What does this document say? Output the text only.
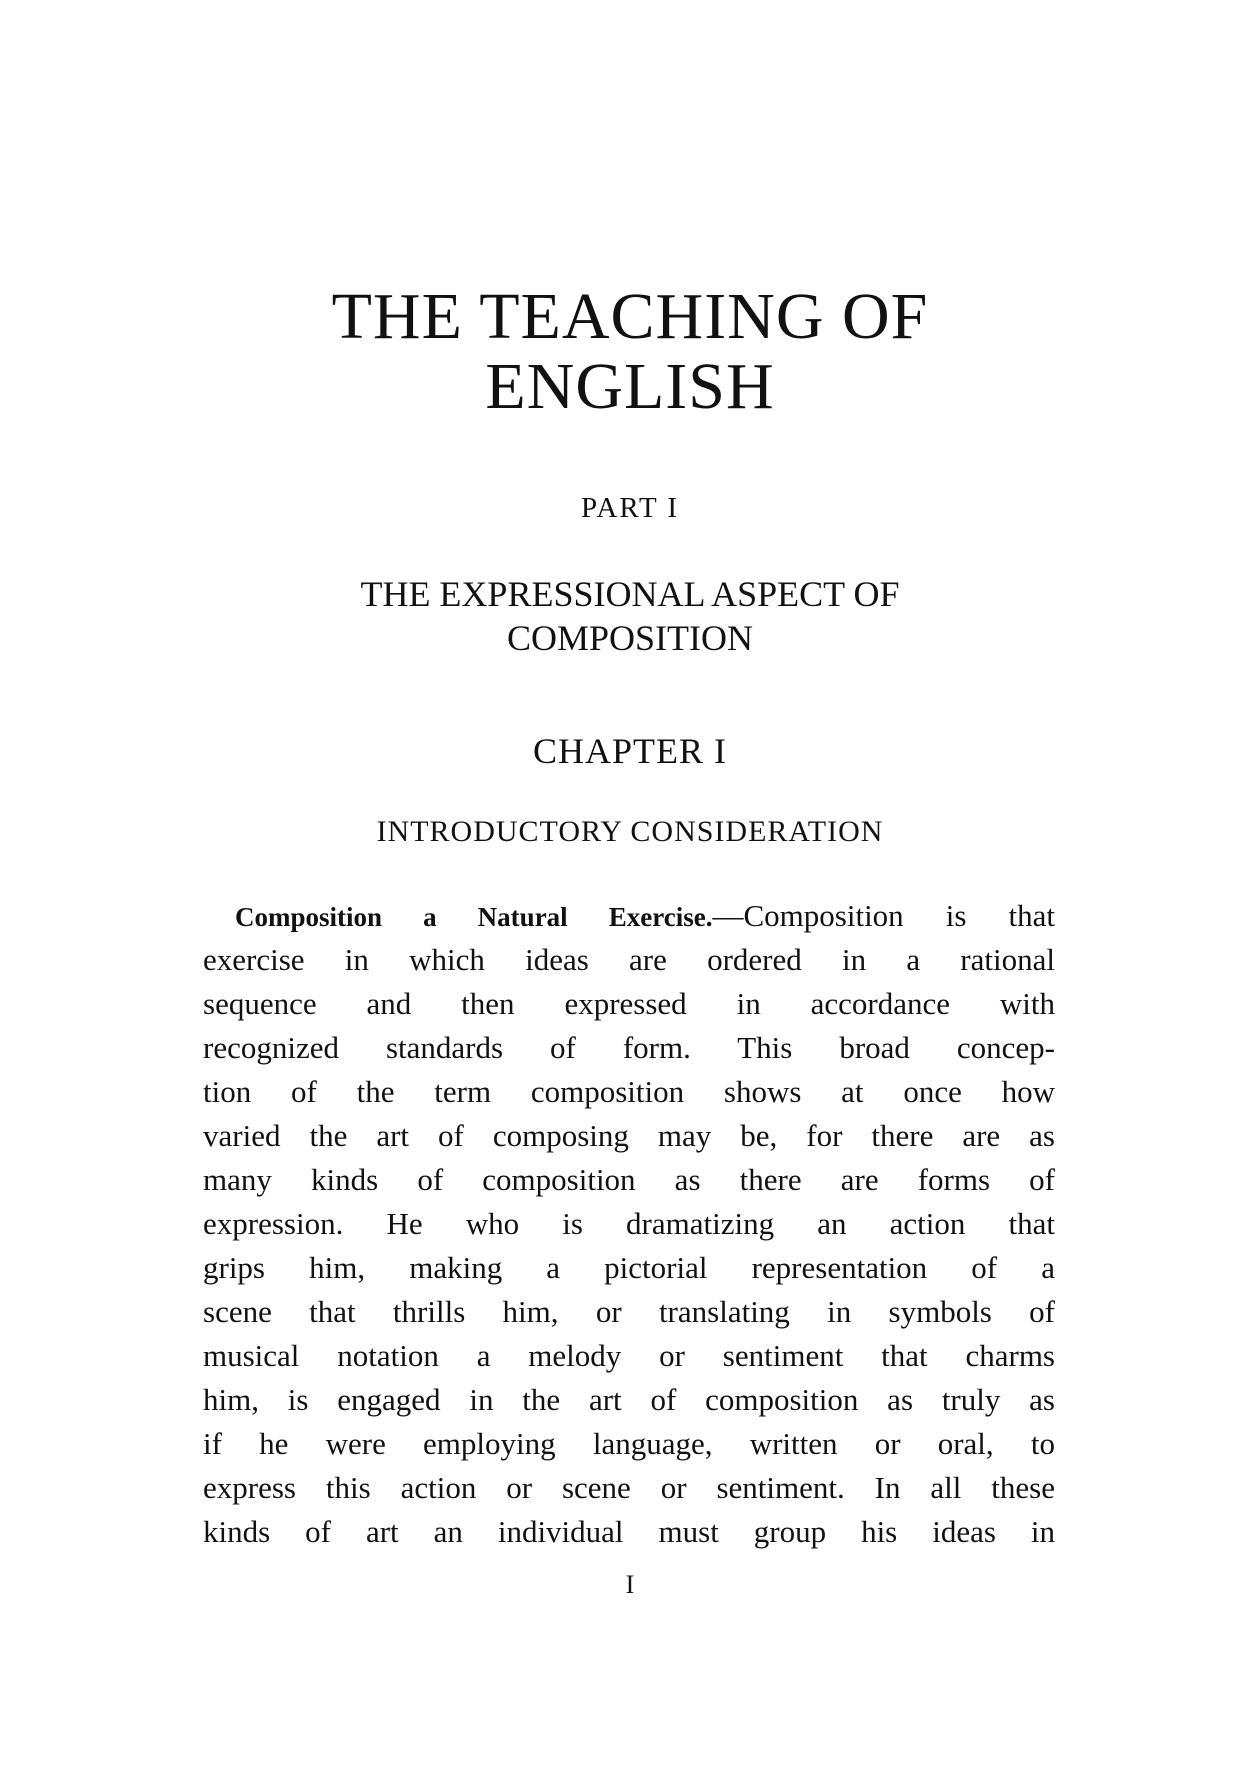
THE TEACHING OF
ENGLISH

PART I

THE EXPRESSIONAL ASPECT OF
COMPOSITION
CHAPTER I
INTRODUCTORY CONSIDERATION
Composition a Natural Exercise.—Composition is that
exercise in which ideas are ordered in a rational
sequence and then expressed in accordance with
recognized standards of form. This broad concep-
tion of the term composition shows at once how
varied the art of composing may be, for there are as
many kinds of composition as there are forms of
expression. He who is dramatizing an action that
grips him, making a pictorial representation of a
scene that thrills him, or translating in symbols of
musical notation a melody or sentiment that charms
him, is engaged in the art of composition as truly as
if he were employing language, written or oral, to
express this action or scene or sentiment. In all these
kinds of art an individual must group his ideas in

I
